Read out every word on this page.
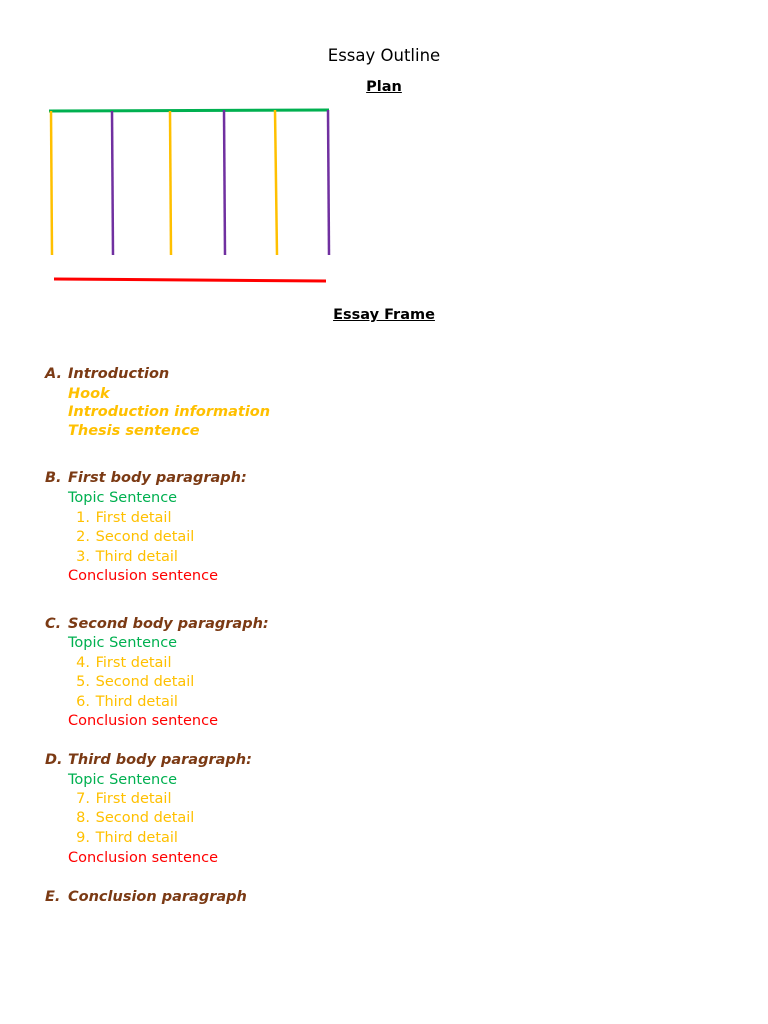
Essay Outline
Plan
Essay Frame
A. Introduction
Hook
Introduction information
Thesis sentence
B. First body paragraph:
Topic Sentence
1. First detail
2. Second detail
3. Third detail
Conclusion sentence
C. Second body paragraph:
Topic Sentence
4. First detail
5. Second detail
6. Third detail
Conclusion sentence
D. Third body paragraph:
Topic Sentence
7. First detail
8. Second detail
9. Third detail
Conclusion sentence
E. Conclusion paragraph
